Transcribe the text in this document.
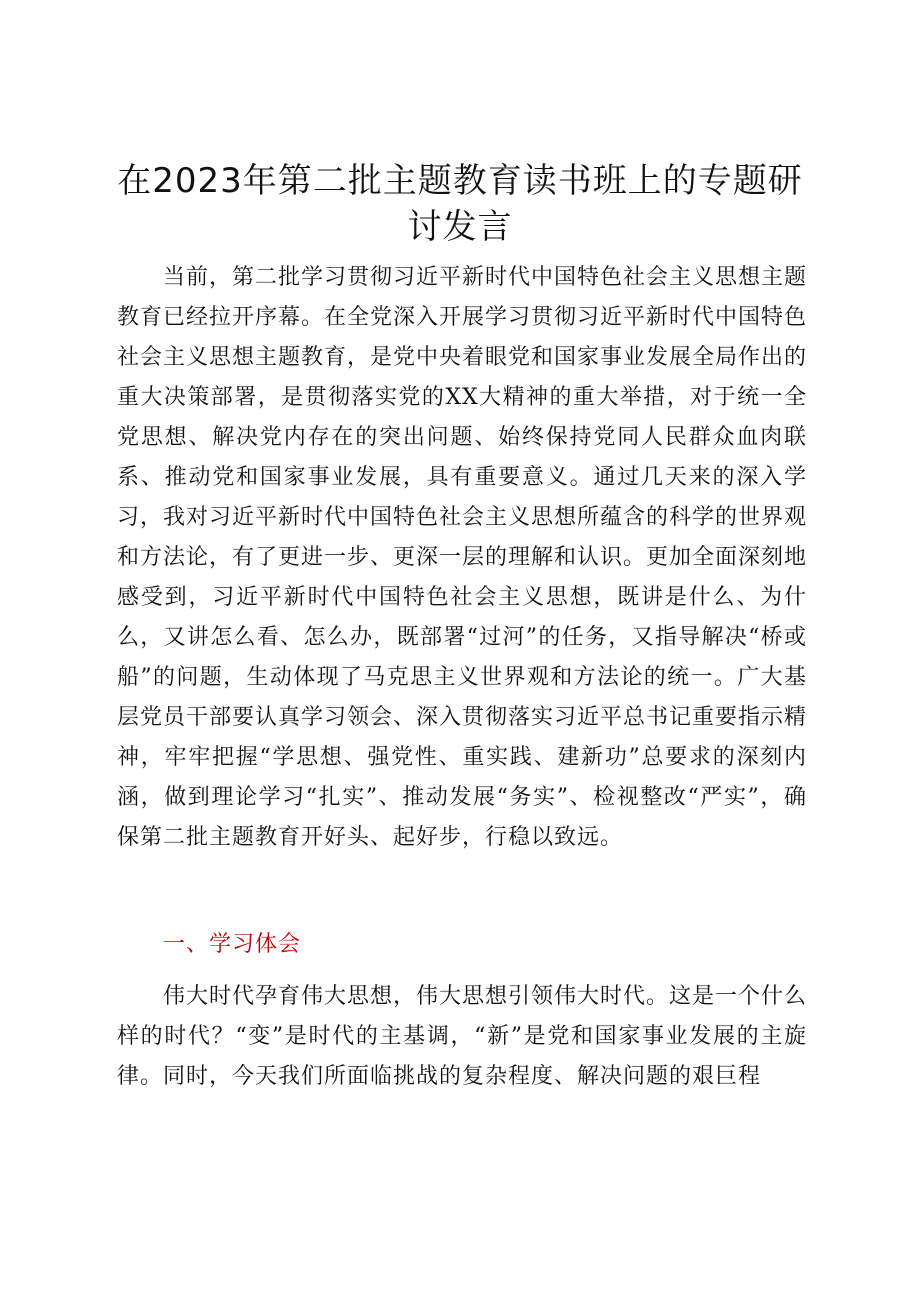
在2023年第二批主题教育读书班上的专题研讨发言

当前，第二批学习贯彻习近平新时代中国特色社会主义思想主题教育已经拉开序幕。在全党深入开展学习贯彻习近平新时代中国特色社会主义思想主题教育，是党中央着眼党和国家事业发展全局作出的重大决策部署，是贯彻落实党的XX大精神的重大举措，对于统一全党思想、解决党内存在的突出问题、始终保持党同人民群众血肉联系、推动党和国家事业发展，具有重要意义。通过几天来的深入学习，我对习近平新时代中国特色社会主义思想所蕴含的科学的世界观和方法论，有了更进一步、更深一层的理解和认识。更加全面深刻地感受到，习近平新时代中国特色社会主义思想，既讲是什么、为什么，又讲怎么看、怎么办，既部署“过河”的任务，又指导解决“桥或船”的问题，生动体现了马克思主义世界观和方法论的统一。广大基层党员干部要认真学习领会、深入贯彻落实习近平总书记重要指示精神，牢牢把握“学思想、强党性、重实践、建新功”总要求的深刻内涵，做到理论学习“扎实”、推动发展“务实”、检视整改“严实”，确保第二批主题教育开好头、起好步，行稳以致远。

一、学习体会

伟大时代孕育伟大思想，伟大思想引领伟大时代。这是一个什么样的时代？“变”是时代的主基调，“新”是党和国家事业发展的主旋律。同时，今天我们所面临挑战的复杂程度、解决问题的艰巨程
